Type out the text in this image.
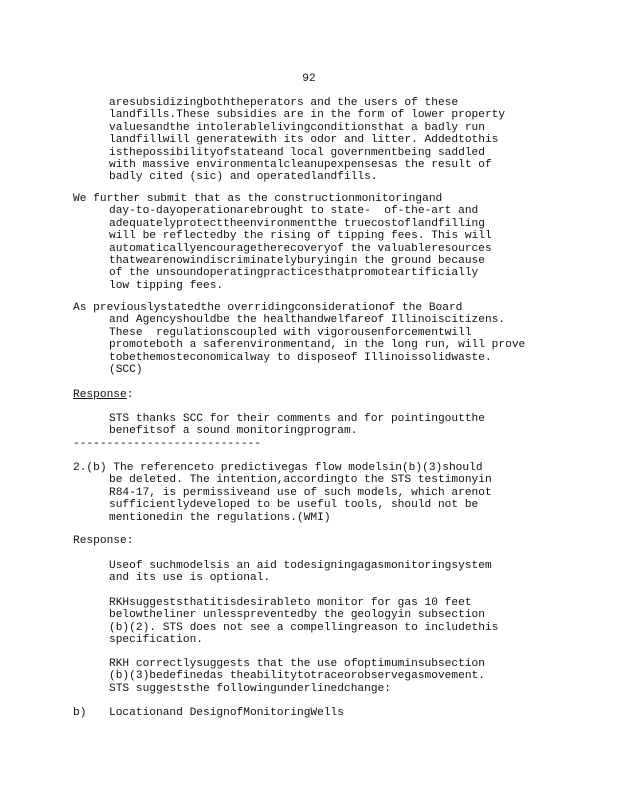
92
aresubsidizingboththeperators and the users of these
landfills.These subsidies are in the form of lower property
valuesandthe intolerablelivingconditionsthat a badly run
landfillwill generatewith its odor and litter. Addedtothis
isthepossibilityofstateand local governmentbeing saddled
with massive environmentalcleanupexpensesas the result of
badly cited (sic) and operatedlandfills.
We further submit that as the constructionmonitoringand
day-to-dayoperationarebrought to state-  of-the-art and
adequatelyprotecttheenvironmentthe truecostoflandfilling
will be reflectedby the rising of tipping fees. This will
automaticallyencouragetherecoveryof the valuableresources
thatwearenowindiscriminatelyburyingin the ground because
of the unsoundoperatingpracticesthatpromoteartificially
low tipping fees.
As previouslystatedthe overridingconsiderationof the Board
and Agencyshouldbe the healthandwelfareof Illinoiscitizens.
These  regulationscoupled with vigorousenforcementwill
promoteboth a saferenvironmentand, in the long run, will prove
tobethemosteconomicalway to disposeof Illinoissolidwaste.
(SCC)
Response:
STS thanks SCC for their comments and for pointingoutthe
benefitsof a sound monitoringprogram.
----------------------------
2.(b) The referenceto predictivegas flow modelsin(b)(3)should
be deleted. The intention,accordingto the STS testimonyin
R84-17, is permissiveand use of such models, which arenot
sufficientlydeveloped to be useful tools, should not be
mentionedin the regulations.(WMI)
Response:
Useof suchmodelsis an aid todesigningagasmonitoringsystem
and its use is optional.
RKHsuggeststhatitisdesirableto monitor for gas 10 feet
belowtheliner unlesspreventedby the geologyin subsection
(b)(2). STS does not see a compellingreason to includethis
specification.
RKH correctlysuggests that the use ofoptimuminsubsection
(b)(3)bedefinedas theabilitytotraceorobservegasmovement.
STS suggeststhe followingunderlinedchange:
b) Locationand DesignofMonitoringWells
